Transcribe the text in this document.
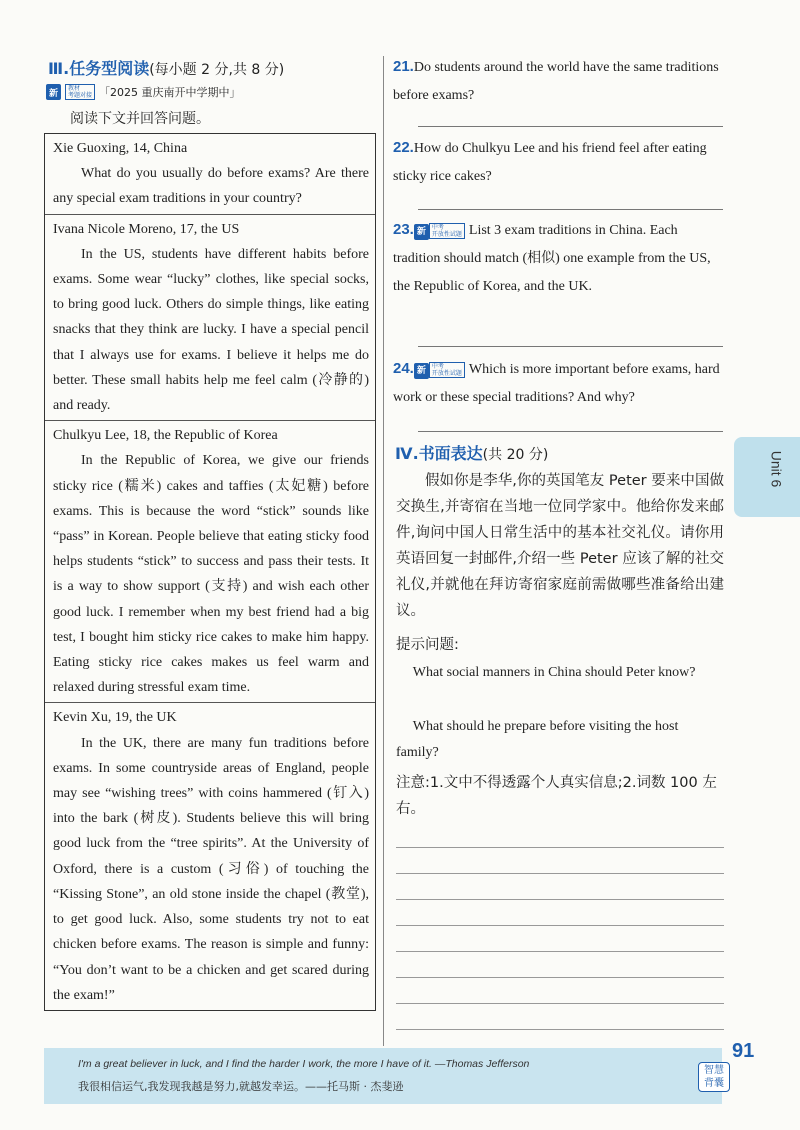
Ⅲ.任务型阅读(每小题 2 分,共 8 分)
新	教材
考题对接 「2025 重庆南开中学期中」
阅读下文并回答问题。
Xie Guoxing, 14, China

What do you usually do before exams? Are there any special exam traditions in your country?

Ivana Nicole Moreno, 17, the US

In the US, students have different habits before exams. Some wear “lucky” clothes, like special socks, to bring good luck. Others do simple things, like eating snacks that they think are lucky. I have a special pencil that I always use for exams. I believe it helps me do better. These small habits help me feel calm (冷静的) and ready.

Chulkyu Lee, 18, the Republic of Korea

In the Republic of Korea, we give our friends sticky rice (糯米) cakes and taffies (太妃糖) before exams. This is because the word “stick” sounds like “pass” in Korean. People believe that eating sticky food helps students “stick” to success and pass their tests. It is a way to show support (支持) and wish each other good luck. I remember when my best friend had a big test, I bought him sticky rice cakes to make him happy. Eating sticky rice cakes makes us feel warm and relaxed during stressful exam time.

Kevin Xu, 19, the UK

In the UK, there are many fun traditions before exams. In some countryside areas of England, people may see “wishing trees” with coins hammered (钉入) into the bark (树皮). Students believe this will bring good luck from the “tree spirits”. At the University of Oxford, there is a custom (习俗) of touching the “Kissing Stone”, an old stone inside the chapel (教堂), to get good luck. Also, some students try not to eat chicken before exams. The reason is simple and funny: “You don’t want to be a chicken and get scared during the exam!”

21.Do students around the world have the same traditions before exams?
22.How do Chulkyu Lee and his friend feel after eating sticky rice cakes?
23. 新 中考
开放性试题 List 3 exam traditions in China. Each tradition should match (相似) one example from the US, the Republic of Korea, and the UK.
24. 新 中考
开放性试题 Which is more important before exams, hard work or these special traditions? And why?
Ⅳ.书面表达(共 20 分)
假如你是李华,你的英国笔友 Peter 要来中国做交换生,并寄宿在当地一位同学家中。他给你发来邮件,询问中国人日常生活中的基本社交礼仪。请你用英语回复一封邮件,介绍一些 Peter 应该了解的社交礼仪,并就他在拜访寄宿家庭前需做哪些准备给出建议。
提示问题:
What social manners in China should Peter know?
What should he prepare before visiting the host family?
注意:1.文中不得透露个人真实信息;2.词数 100 左右。
Unit 6
I'm a great believer in luck, and I find the harder I work, the more I have of it. —Thomas Jefferson
我很相信运气,我发现我越是努力,就越发幸运。——托马斯 · 杰斐逊
智慧
背囊
91
